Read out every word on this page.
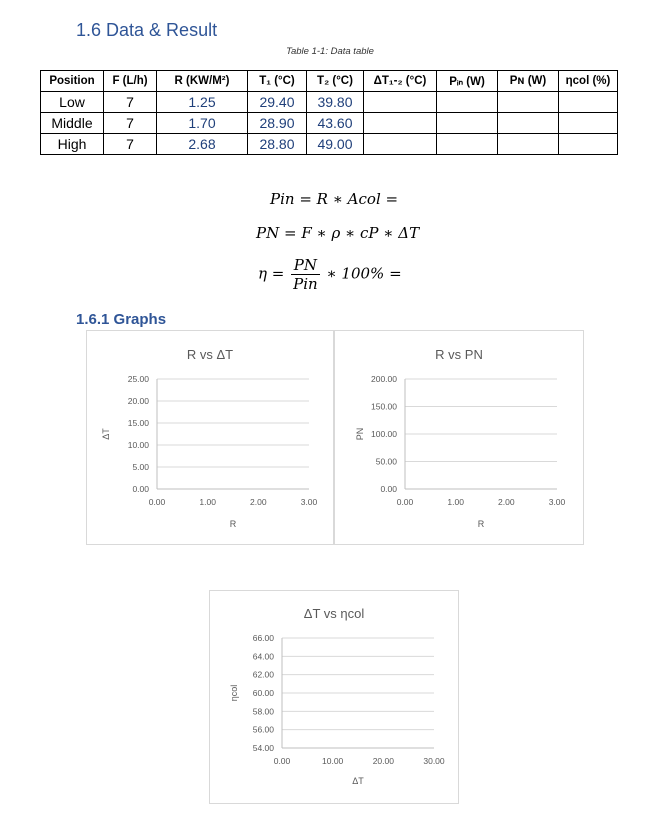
1.6 Data & Result
Table 1-1: Data table
Position	F (L/h)	R (KW/M²)	T₁ (°C)	T₂ (°C)	ΔT₁-₂ (°C)	Pᵢₙ (W)	Pɴ (W)	ηcol (%)
Low	7	1.25	29.40	39.80				
Middle	7	1.70	28.90	43.60				
High	7	2.68	28.80	49.00				
Pin = R ∗ Acol =
PN = F ∗ ρ ∗ cP ∗ ΔT
$\eta = \frac{PN}{\text{Pin}}$ ∗ 100% =
1.6.1 Graphs
R vs ΔT
0.00
5.00
10.00
15.00
20.00
25.00
0.00	1.00	2.00	3.00
R
ΔT
R vs PN
0.00
50.00
100.00
150.00
200.00
0.00	1.00	2.00	3.00
R
PN
ΔT vs ηcol
54.00
56.00
58.00
60.00
62.00
64.00
66.00
0.00	10.00	20.00	30.00
ΔT
ηcol
